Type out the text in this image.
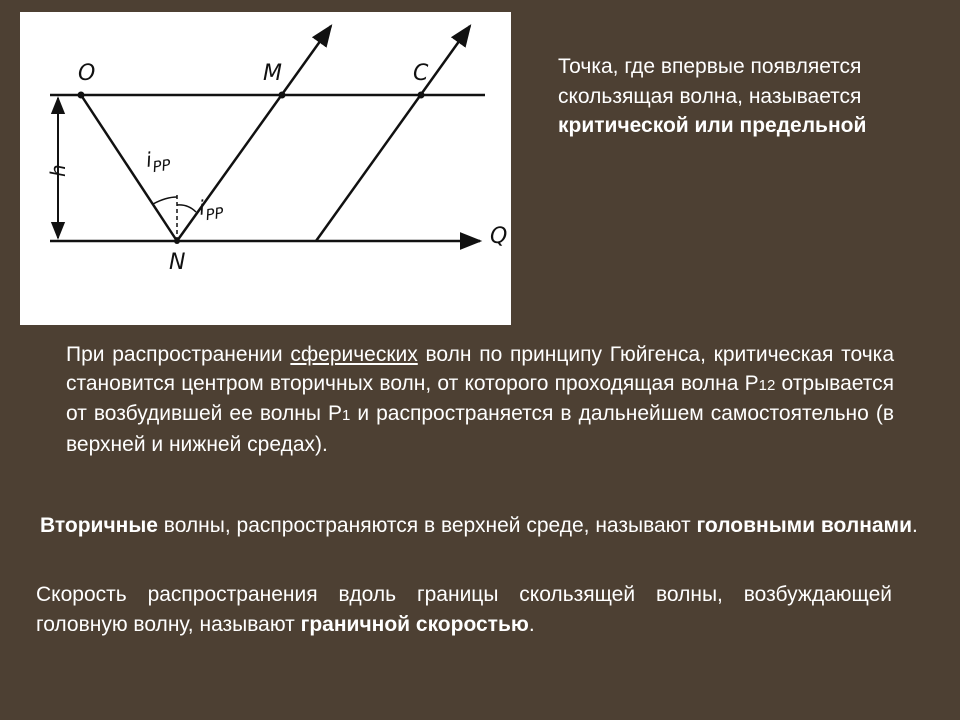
O	M	C
N
Q
h	$i_{PP}$
$i_{PP}$
Точка, где впервые появляется скользящая волна, называется критической или предельной
При распространении сферических волн по принципу Гюйгенса, критическая точка становится центром вторичных волн, от которого проходящая волна Р12 отрывается от возбудившей ее волны Р1 и распространяется в дальнейшем самостоятельно (в верхней и нижней средах).
Вторичные волны, распространяются в верхней среде, называют головными волнами.
Скорость распространения вдоль границы скользящей волны, возбуждающей головную волну, называют граничной скоростью.
